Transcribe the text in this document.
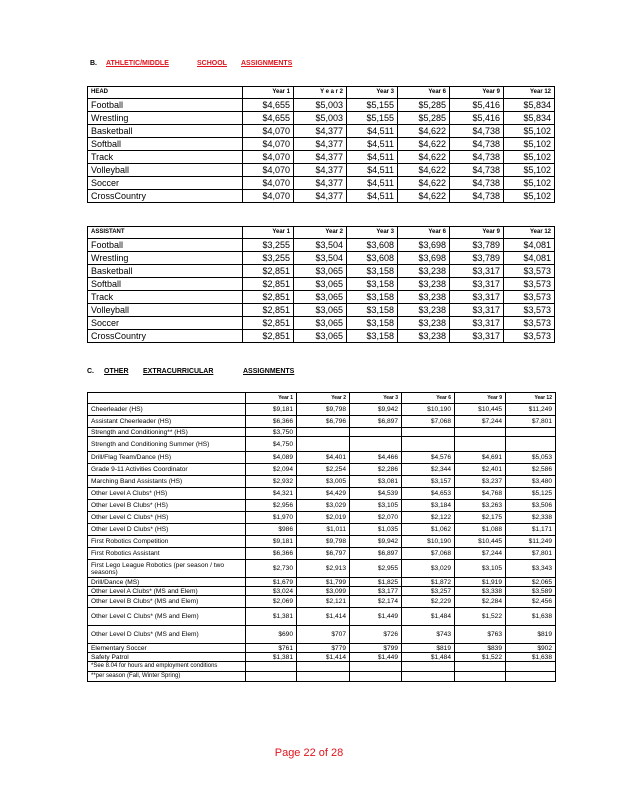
B. ATHLETIC/MIDDLE	SCHOOL ASSIGNMENTS
HEAD	Year 1	Y e a r 2	Year 3	Year 6	Year 9	Year 12
Football	$4,655	$5,003	$5,155	$5,285	$5,416	$5,834
Wrestling	$4,655	$5,003	$5,155	$5,285	$5,416	$5,834
Basketball	$4,070	$4,377	$4,511	$4,622	$4,738	$5,102
Softball	$4,070	$4,377	$4,511	$4,622	$4,738	$5,102
Track	$4,070	$4,377	$4,511	$4,622	$4,738	$5,102
Volleyball	$4,070	$4,377	$4,511	$4,622	$4,738	$5,102
Soccer	$4,070	$4,377	$4,511	$4,622	$4,738	$5,102
CrossCountry	$4,070	$4,377	$4,511	$4,622	$4,738	$5,102
ASSISTANT	Year 1	Year 2	Year 3	Year 6	Year 9	Year 12
Football	$3,255	$3,504	$3,608	$3,698	$3,789	$4,081
Wrestling	$3,255	$3,504	$3,608	$3,698	$3,789	$4,081
Basketball	$2,851	$3,065	$3,158	$3,238	$3,317	$3,573
Softball	$2,851	$3,065	$3,158	$3,238	$3,317	$3,573
Track	$2,851	$3,065	$3,158	$3,238	$3,317	$3,573
Volleyball	$2,851	$3,065	$3,158	$3,238	$3,317	$3,573
Soccer	$2,851	$3,065	$3,158	$3,238	$3,317	$3,573
CrossCountry	$2,851	$3,065	$3,158	$3,238	$3,317	$3,573
C. OTHER EXTRACURRICULAR	ASSIGNMENTS
	Year 1	Year 2	Year 3	Year 6	Year 9	Year 12
Cheerleader (HS)	$9,181	$9,798	$9,942	$10,190	$10,445	$11,249
Assistant Cheerleader (HS)	$6,366	$6,796	$6,897	$7,068	$7,244	$7,801
Strength and Conditioning** (HS)	$3,750					
Strength and Conditioning Summer (HS)	$4,750					
Drill/Flag Team/Dance (HS)	$4,089	$4,401	$4,466	$4,576	$4,691	$5,053
Grade 9-11 Activities Coordinator	$2,094	$2,254	$2,286	$2,344	$2,401	$2,586
Marching Band Assistants (HS)	$2,932	$3,005	$3,081	$3,157	$3,237	$3,480
Other Level A Clubs* (HS)	$4,321	$4,429	$4,539	$4,653	$4,768	$5,125
Other Level B Clubs* (HS)	$2,956	$3,029	$3,105	$3,184	$3,263	$3,506
Other Level C Clubs* (HS)	$1,970	$2,019	$2,070	$2,122	$2,175	$2,338
Other Level D Clubs* (HS)	$986	$1,011	$1,035	$1,062	$1,088	$1,171
First Robotics Competition	$9,181	$9,798	$9,942	$10,190	$10,445	$11,249
First Robotics Assistant	$6,366	$6,797	$6,897	$7,068	$7,244	$7,801
First Lego League Robotics (per season / two seasons)	$2,730	$2,913	$2,955	$3,029	$3,105	$3,343
Drill/Dance (MS)	$1,679	$1,799	$1,825	$1,872	$1,919	$2,065
Other Level A Clubs* (MS and Elem)	$3,024	$3,099	$3,177	$3,257	$3,338	$3,589
Other Level B Clubs* (MS and Elem)	$2,069	$2,121	$2,174	$2,229	$2,284	$2,456
Other Level C Clubs* (MS and Elem)	$1,381	$1,414	$1,449	$1,484	$1,522	$1,638
Other Level D Clubs* (MS and Elem)	$690	$707	$726	$743	$763	$819
Elementary Soccer	$761	$779	$799	$819	$839	$902
Safety Patrol	$1,381	$1,414	$1,449	$1,484	$1,522	$1,638
*See 8.04 for hours and employment conditions						
**per season (Fall, Winter Spring)						
Page 22 of 28
